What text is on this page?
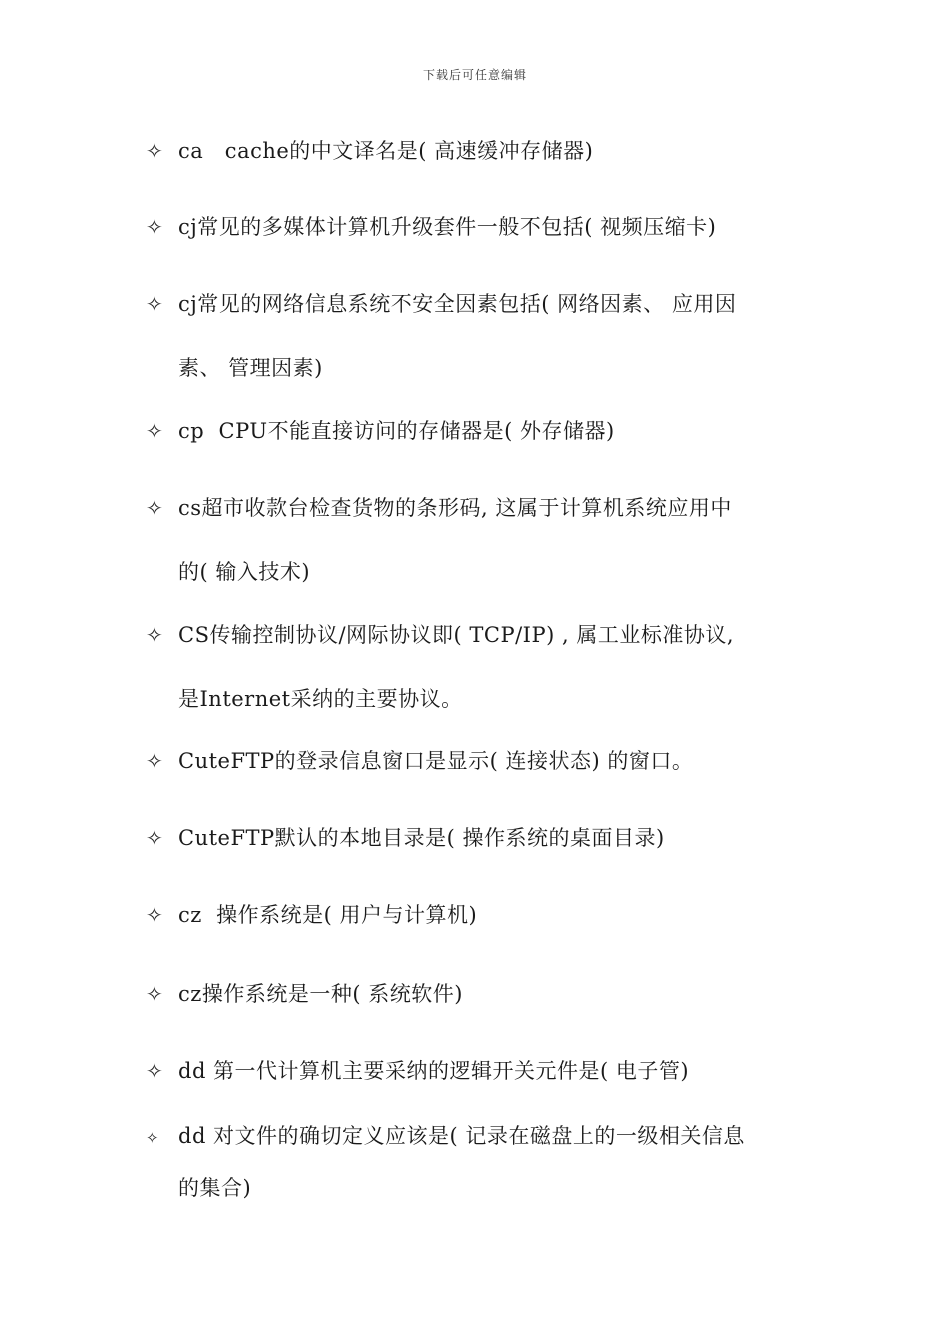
下载后可任意编辑
✧ ca   cache的中文译名是( 高速缓冲存储器)
✧ cj常见的多媒体计算机升级套件一般不包括( 视频压缩卡)
✧ cj常见的网络信息系统不安全因素包括( 网络因素、 应用因
素、 管理因素)
✧ cp  CPU不能直接访问的存储器是( 外存储器)
✧ cs超市收款台检查货物的条形码, 这属于计算机系统应用中
的( 输入技术)
✧ CS传输控制协议/网际协议即( TCP/IP) , 属工业标准协议,
是Internet采纳的主要协议。
✧ CuteFTP的登录信息窗口是显示( 连接状态) 的窗口。
✧ CuteFTP默认的本地目录是( 操作系统的桌面目录)
✧ cz  操作系统是( 用户与计算机)
✧ cz操作系统是一种( 系统软件)
✧ dd 第一代计算机主要采纳的逻辑开关元件是( 电子管)
✧ dd 对文件的确切定义应该是( 记录在磁盘上的一级相关信息
的集合)
